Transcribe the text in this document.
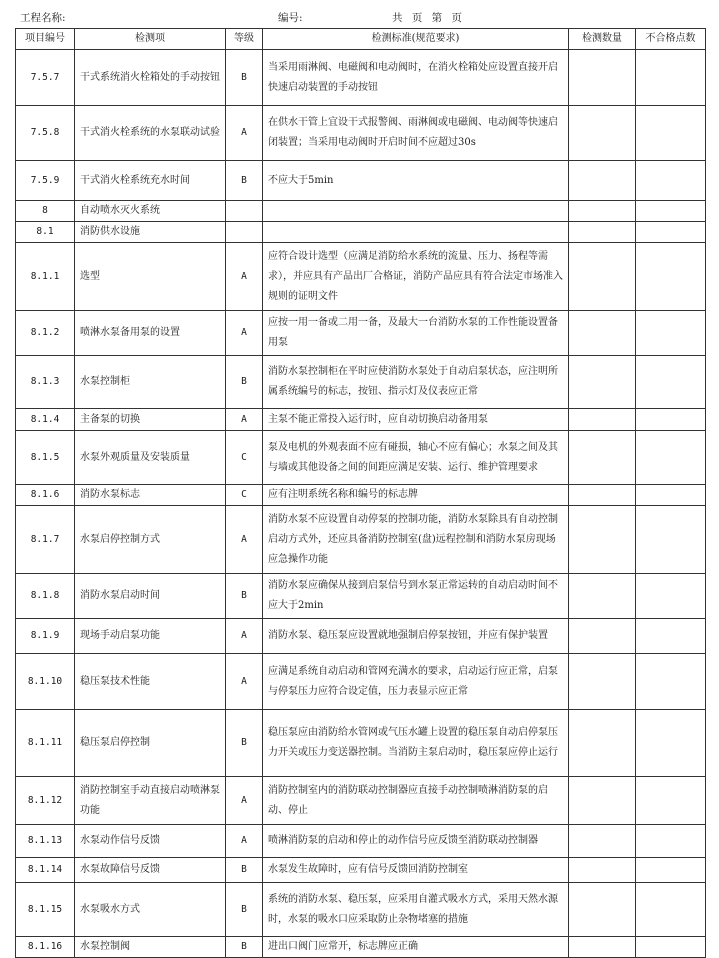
工程名称:	编号:	共 页 第 页
项目编号	检测项	等级	检测标准(规范要求)	检测数量	不合格点数
7.5.7	干式系统消火栓箱处的手动按钮	B	当采用雨淋阀、电磁阀和电动阀时，在消火栓箱处应设置直接开启快速启动装置的手动按钮		
7.5.8	干式消火栓系统的水泵联动试验	A	在供水干管上宜设干式报警阀、雨淋阀或电磁阀、电动阀等快速启闭装置；当采用电动阀时开启时间不应超过30s		
7.5.9	干式消火栓系统充水时间	B	不应大于5min		
8	自动喷水灭火系统				
8.1	消防供水设施				
8.1.1	选型	A	应符合设计选型（应满足消防给水系统的流量、压力、扬程等需求），并应具有产品出厂合格证，消防产品应具有符合法定市场准入规则的证明文件		
8.1.2	喷淋水泵备用泵的设置	A	应按一用一备或二用一备，及最大一台消防水泵的工作性能设置备用泵		
8.1.3	水泵控制柜	B	消防水泵控制柜在平时应使消防水泵处于自动启泵状态，应注明所属系统编号的标志，按钮、指示灯及仪表应正常		
8.1.4	主备泵的切换	A	主泵不能正常投入运行时，应自动切换启动备用泵		
8.1.5	水泵外观质量及安装质量	C	泵及电机的外观表面不应有碰损，轴心不应有偏心；水泵之间及其与墙或其他设备之间的间距应满足安装、运行、维护管理要求		
8.1.6	消防水泵标志	C	应有注明系统名称和编号的标志牌		
8.1.7	水泵启停控制方式	A	消防水泵不应设置自动停泵的控制功能，消防水泵除具有自动控制启动方式外，还应具备消防控制室(盘)远程控制和消防水泵房现场应急操作功能		
8.1.8	消防水泵启动时间	B	消防水泵应确保从接到启泵信号到水泵正常运转的自动启动时间不应大于2min		
8.1.9	现场手动启泵功能	A	消防水泵、稳压泵应设置就地强制启停泵按钮，并应有保护装置		
8.1.10	稳压泵技术性能	A	应满足系统自动启动和管网充满水的要求，启动运行应正常，启泵与停泵压力应符合设定值，压力表显示应正常		
8.1.11	稳压泵启停控制	B	稳压泵应由消防给水管网或气压水罐上设置的稳压泵自动启停泵压力开关或压力变送器控制。当消防主泵启动时，稳压泵应停止运行		
8.1.12	消防控制室手动直接启动喷淋泵功能	A	消防控制室内的消防联动控制器应直接手动控制喷淋消防泵的启动、停止		
8.1.13	水泵动作信号反馈	A	喷淋消防泵的启动和停止的动作信号应反馈至消防联动控制器		
8.1.14	水泵故障信号反馈	B	水泵发生故障时，应有信号反馈回消防控制室		
8.1.15	水泵吸水方式	B	系统的消防水泵、稳压泵，应采用自灌式吸水方式，采用天然水源时，水泵的吸水口应采取防止杂物堵塞的措施		
8.1.16	水泵控制阀	B	进出口阀门应常开，标志牌应正确		
